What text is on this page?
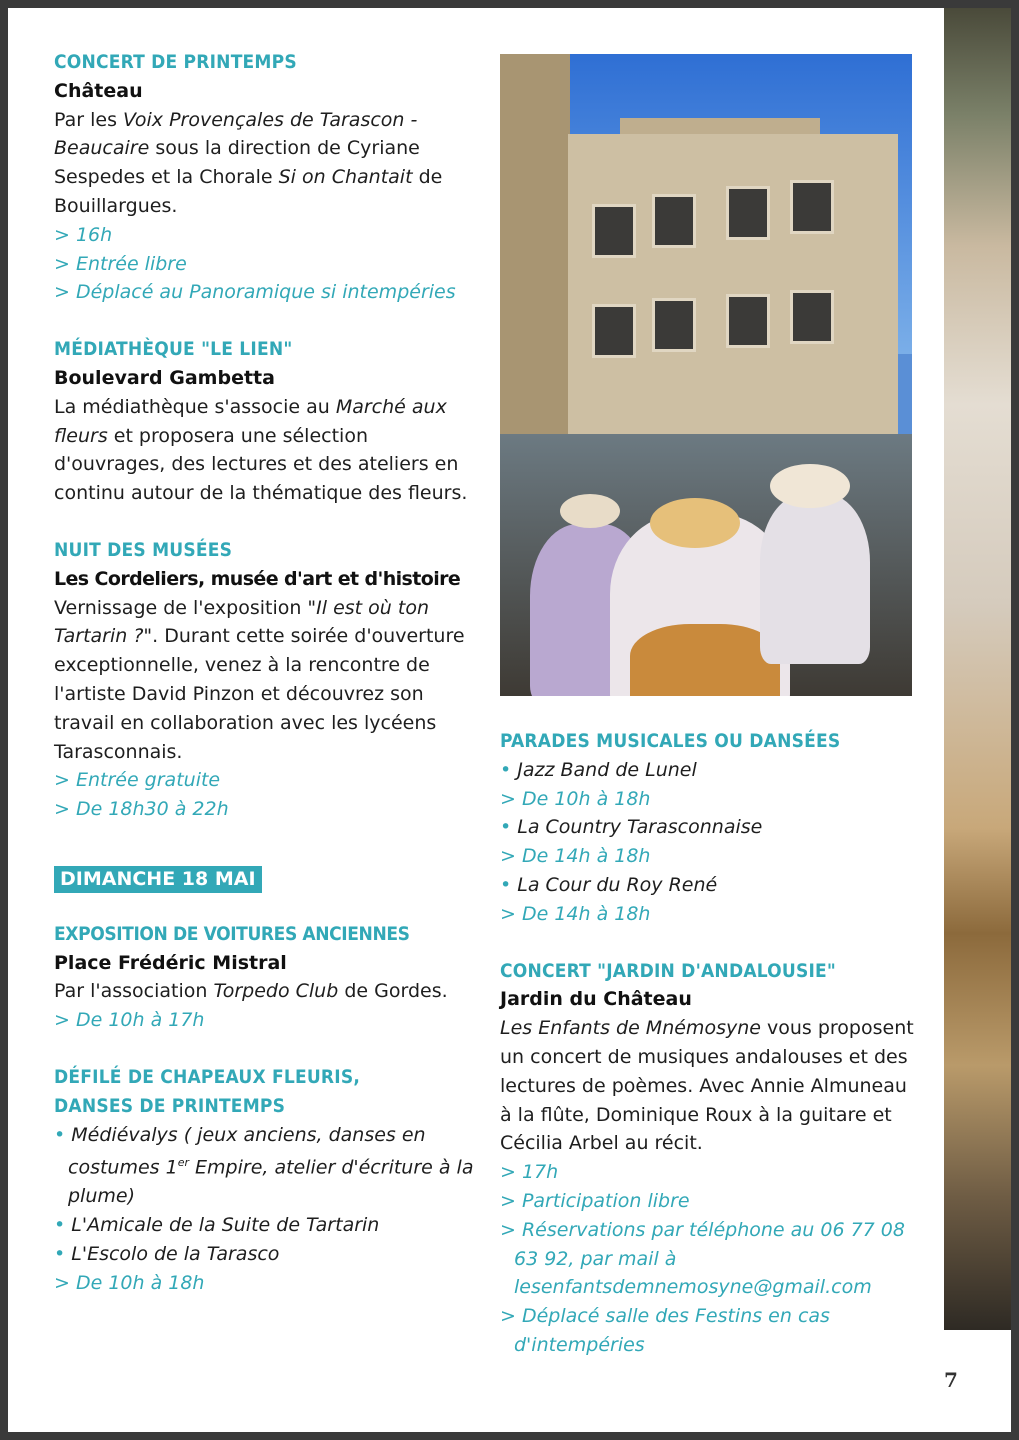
CONCERT DE PRINTEMPS
Château

Par les Voix Provençales de Tarascon - Beaucaire sous la direction de Cyriane Sespedes et la Chorale Si on Chantait de Bouillargues.

> 16h
> Entrée libre
> Déplacé au Panoramique si intempéries
MÉDIATHÈQUE "LE LIEN"
Boulevard Gambetta

La médiathèque s'associe au Marché aux fleurs et proposera une sélection d'ouvrages, des lectures et des ateliers en continu autour de la thématique des fleurs.

NUIT DES MUSÉES
Les Cordeliers, musée d'art et d'histoire

Vernissage de l'exposition "Il est où ton Tartarin ?". Durant cette soirée d'ouverture exceptionnelle, venez à la rencontre de l'artiste David Pinzon et découvrez son travail en collaboration avec les lycéens Tarasconnais.

> Entrée gratuite
> De 18h30 à 22h
DIMANCHE 18 MAI
EXPOSITION DE VOITURES ANCIENNES
Place Frédéric Mistral

Par l'association Torpedo Club de Gordes.

> De 10h à 17h
DÉFILÉ DE CHAPEAUX FLEURIS,
DANSES DE PRINTEMPS
• Médiévalys ( jeux anciens, danses en costumes 1er Empire, atelier d'écriture à la plume)
• L'Amicale de la Suite de Tartarin
• L'Escolo de la Tarasco
> De 10h à 18h
PARADES MUSICALES OU DANSÉES
• Jazz Band de Lunel
> De 10h à 18h
• La Country Tarasconnaise
> De 14h à 18h
• La Cour du Roy René
> De 14h à 18h
CONCERT "JARDIN D'ANDALOUSIE"
Jardin du Château

Les Enfants de Mnémosyne vous proposent un concert de musiques andalouses et des lectures de poèmes. Avec Annie Almuneau à la flûte, Dominique Roux à la guitare et Cécilia Arbel au récit.

> 17h
> Participation libre
> Réservations par téléphone au 06 77 08 63 92, par mail à lesenfantsdemnemosyne@gmail.com
> Déplacé salle des Festins en cas d'intempéries
7
